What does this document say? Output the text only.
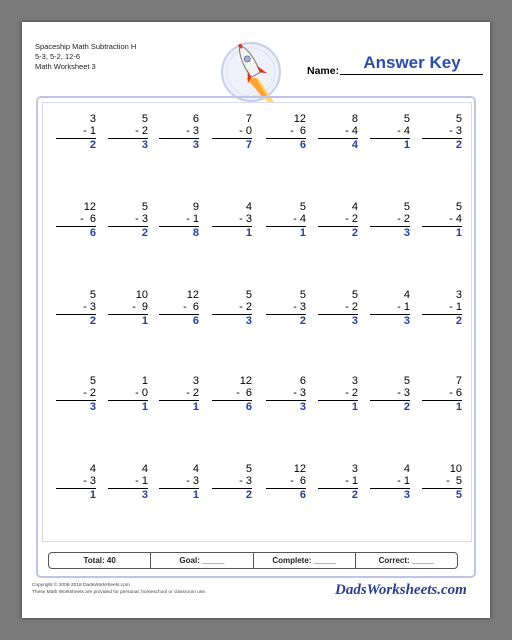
Spaceship Math Subtraction H
5-3, 5-2, 12-6
Math Worksheet 3	Name:	Answer Key
3
- 1
2
5
- 2
3
6
- 3
3
7
- 0
7
12
-  6
6
8
- 4
4
5
- 4
1
5
- 3
2
12
-  6
6
5
- 3
2
9
- 1
8
4
- 3
1
5
- 4
1
4
- 2
2
5
- 2
3
5
- 4
1
5
- 3
2
10
-  9
1
12
-  6
6
5
- 2
3
5
- 3
2
5
- 2
3
4
- 1
3
3
- 1
2
5
- 2
3
1
- 0
1
3
- 2
1
12
-  6
6
6
- 3
3
3
- 2
1
5
- 3
2
7
- 6
1
4
- 3
1
4
- 1
3
4
- 3
1
5
- 3
2
12
-  6
6
3
- 1
2
4
- 1
3
10
-  5
5
Total: 40	Goal: _____	Complete: _____	Correct: _____
Copyright © 2008-2018 DadsWorksheets.com
These Math Worksheets are provided for personal, homeschool or classroom use.	DadsWorksheets.com
